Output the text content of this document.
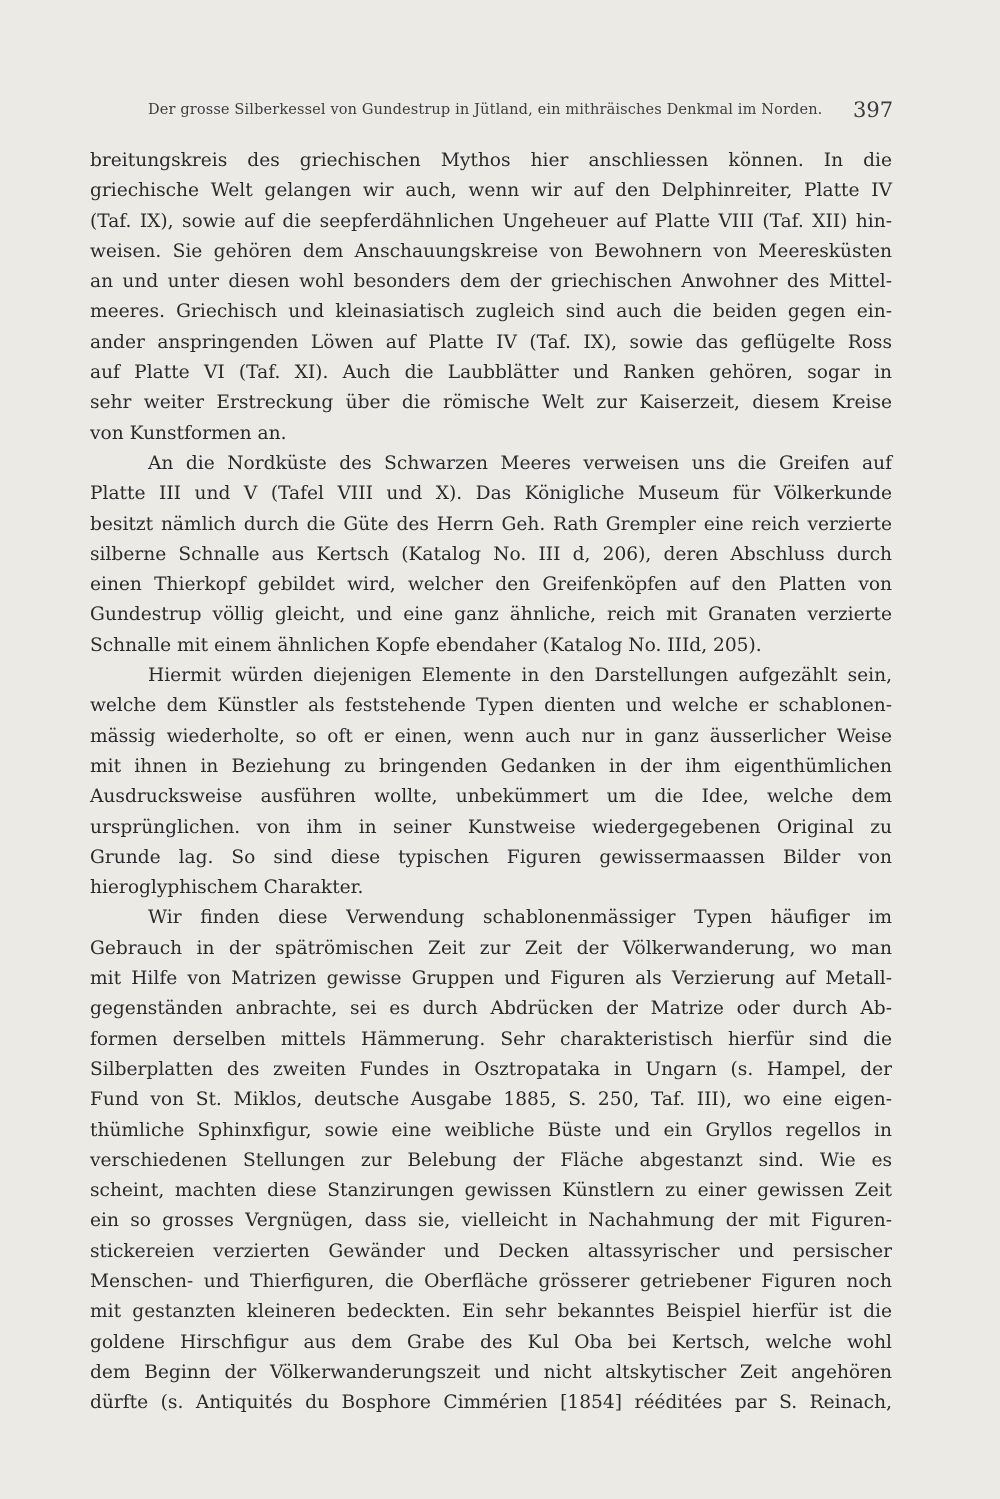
Der grosse Silberkessel von Gundestrup in Jütland, ein mithräisches Denkmal im Norden.	397
breitungskreis des griechischen Mythos hier anschliessen können. In die
griechische Welt gelangen wir auch, wenn wir auf den Delphinreiter, Platte IV
(Taf. IX), sowie auf die seepferdähnlichen Ungeheuer auf Platte VIII (Taf. XII) hin-
weisen. Sie gehören dem Anschauungskreise von Bewohnern von Meeresküsten
an und unter diesen wohl besonders dem der griechischen Anwohner des Mittel-
meeres. Griechisch und kleinasiatisch zugleich sind auch die beiden gegen ein-
ander anspringenden Löwen auf Platte IV (Taf. IX), sowie das geflügelte Ross
auf Platte VI (Taf. XI). Auch die Laubblätter und Ranken gehören, sogar in
sehr weiter Erstreckung über die römische Welt zur Kaiserzeit, diesem Kreise
von Kunstformen an.
An die Nordküste des Schwarzen Meeres verweisen uns die Greifen auf
Platte III und V (Tafel VIII und X). Das Königliche Museum für Völkerkunde
besitzt nämlich durch die Güte des Herrn Geh. Rath Grempler eine reich verzierte
silberne Schnalle aus Kertsch (Katalog No. III d, 206), deren Abschluss durch
einen Thierkopf gebildet wird, welcher den Greifenköpfen auf den Platten von
Gundestrup völlig gleicht, und eine ganz ähnliche, reich mit Granaten verzierte
Schnalle mit einem ähnlichen Kopfe ebendaher (Katalog No. IIId, 205).
Hiermit würden diejenigen Elemente in den Darstellungen aufgezählt sein,
welche dem Künstler als feststehende Typen dienten und welche er schablonen-
mässig wiederholte, so oft er einen, wenn auch nur in ganz äusserlicher Weise
mit ihnen in Beziehung zu bringenden Gedanken in der ihm eigenthümlichen
Ausdrucksweise ausführen wollte, unbekümmert um die Idee, welche dem
ursprünglichen. von ihm in seiner Kunstweise wiedergegebenen Original zu
Grunde lag. So sind diese typischen Figuren gewissermaassen Bilder von
hieroglyphischem Charakter.
Wir finden diese Verwendung schablonenmässiger Typen häufiger im
Gebrauch in der spätrömischen Zeit zur Zeit der Völkerwanderung, wo man
mit Hilfe von Matrizen gewisse Gruppen und Figuren als Verzierung auf Metall-
gegenständen anbrachte, sei es durch Abdrücken der Matrize oder durch Ab-
formen derselben mittels Hämmerung. Sehr charakteristisch hierfür sind die
Silberplatten des zweiten Fundes in Osztropataka in Ungarn (s. Hampel, der
Fund von St. Miklos, deutsche Ausgabe 1885, S. 250, Taf. III), wo eine eigen-
thümliche Sphinxfigur, sowie eine weibliche Büste und ein Gryllos regellos in
verschiedenen Stellungen zur Belebung der Fläche abgestanzt sind. Wie es
scheint, machten diese Stanzirungen gewissen Künstlern zu einer gewissen Zeit
ein so grosses Vergnügen, dass sie, vielleicht in Nachahmung der mit Figuren-
stickereien verzierten Gewänder und Decken altassyrischer und persischer
Menschen- und Thierfiguren, die Oberfläche grösserer getriebener Figuren noch
mit gestanzten kleineren bedeckten. Ein sehr bekanntes Beispiel hierfür ist die
goldene Hirschfigur aus dem Grabe des Kul Oba bei Kertsch, welche wohl
dem Beginn der Völkerwanderungszeit und nicht altskytischer Zeit angehören
dürfte (s. Antiquités du Bosphore Cimmérien [1854] rééditées par S. Reinach,
